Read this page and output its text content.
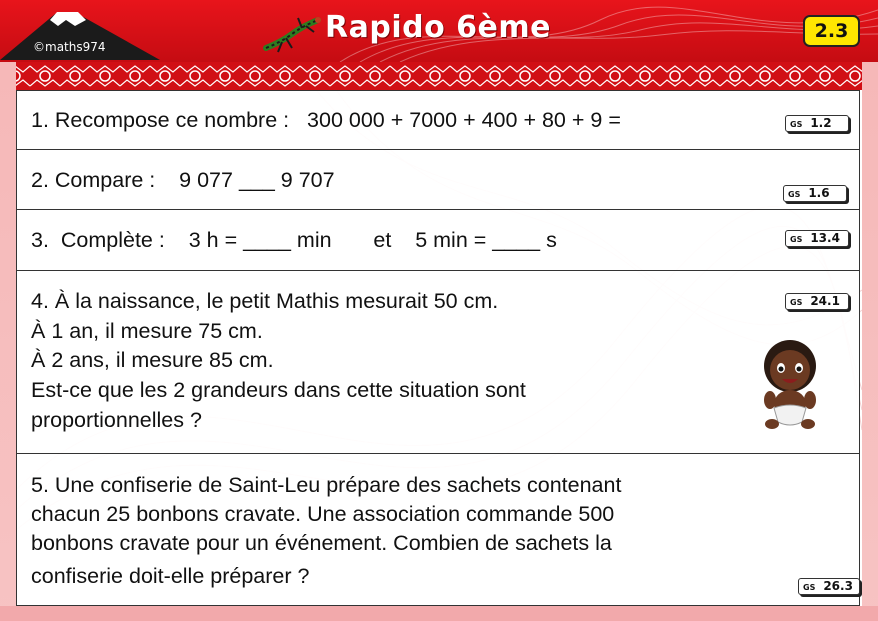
©maths974
Rapido 6ème	2.3
1. Recompose ce nombre :   300 000 + 7000 + 400 + 80 + 9 =	GS 1.2
2. Compare :    9 077 ___ 9 707
GS 1.6
3.  Complète :    3 h = ____ min       et    5 min = ____ s	GS 13.4
4. À la naissance, le petit Mathis mesurait 50 cm.
À 1 an, il mesure 75 cm.
À 2 ans, il mesure 85 cm.
Est-ce que les 2 grandeurs dans cette situation sont
proportionnelles ?
GS 24.1
5. Une confiserie de Saint-Leu prépare des sachets contenant
chacun 25 bonbons cravate. Une association commande 500
bonbons cravate pour un événement. Combien de sachets la
confiserie doit-elle préparer ?	GS 26.3
